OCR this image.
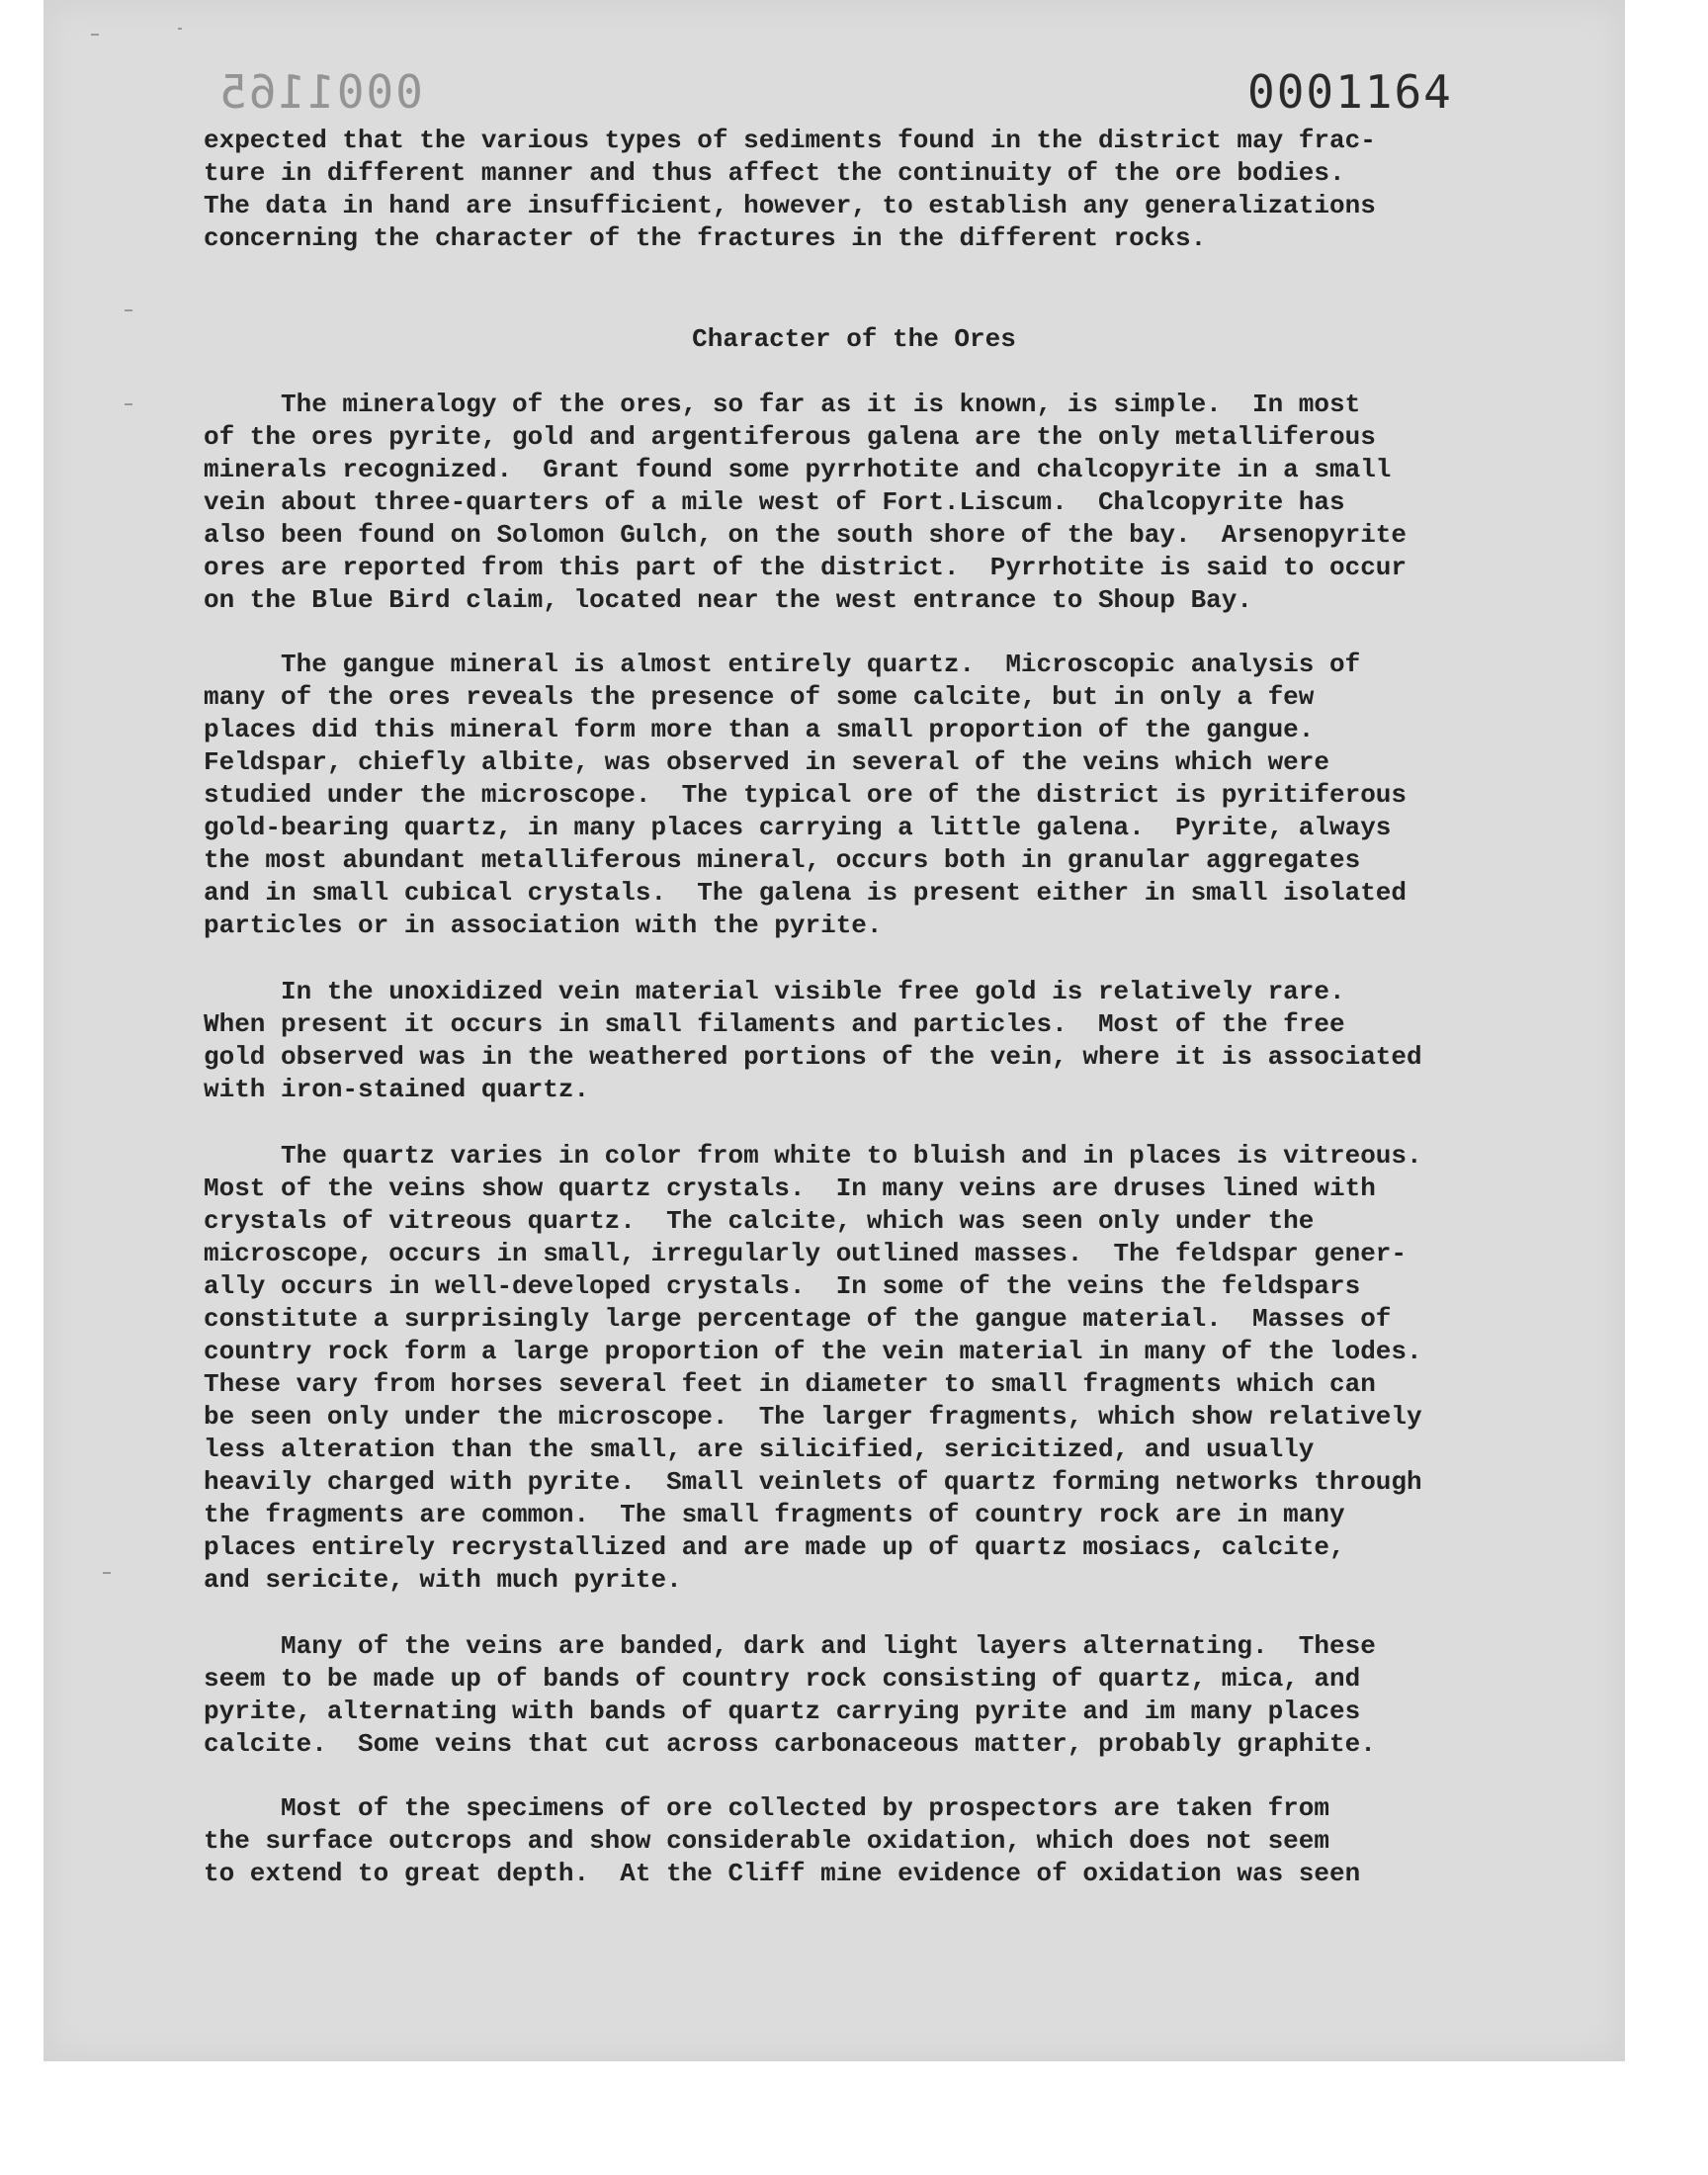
0001165	0001164
expected that the various types of sediments found in the district may frac-
ture in different manner and thus affect the continuity of the ore bodies.
The data in hand are insufficient, however, to establish any generalizations
concerning the character of the fractures in the different rocks.
Character of the Ores
The mineralogy of the ores, so far as it is known, is simple.  In most
of the ores pyrite, gold and argentiferous galena are the only metalliferous
minerals recognized.  Grant found some pyrrhotite and chalcopyrite in a small
vein about three-quarters of a mile west of Fort.Liscum.  Chalcopyrite has
also been found on Solomon Gulch, on the south shore of the bay.  Arsenopyrite
ores are reported from this part of the district.  Pyrrhotite is said to occur
on the Blue Bird claim, located near the west entrance to Shoup Bay.
The gangue mineral is almost entirely quartz.  Microscopic analysis of
many of the ores reveals the presence of some calcite, but in only a few
places did this mineral form more than a small proportion of the gangue.
Feldspar, chiefly albite, was observed in several of the veins which were
studied under the microscope.  The typical ore of the district is pyritiferous
gold-bearing quartz, in many places carrying a little galena.  Pyrite, always
the most abundant metalliferous mineral, occurs both in granular aggregates
and in small cubical crystals.  The galena is present either in small isolated
particles or in association with the pyrite.
In the unoxidized vein material visible free gold is relatively rare.
When present it occurs in small filaments and particles.  Most of the free
gold observed was in the weathered portions of the vein, where it is associated
with iron-stained quartz.
The quartz varies in color from white to bluish and in places is vitreous.
Most of the veins show quartz crystals.  In many veins are druses lined with
crystals of vitreous quartz.  The calcite, which was seen only under the
microscope, occurs in small, irregularly outlined masses.  The feldspar gener-
ally occurs in well-developed crystals.  In some of the veins the feldspars
constitute a surprisingly large percentage of the gangue material.  Masses of
country rock form a large proportion of the vein material in many of the lodes.
These vary from horses several feet in diameter to small fragments which can
be seen only under the microscope.  The larger fragments, which show relatively
less alteration than the small, are silicified, sericitized, and usually
heavily charged with pyrite.  Small veinlets of quartz forming networks through
the fragments are common.  The small fragments of country rock are in many
places entirely recrystallized and are made up of quartz mosiacs, calcite,
and sericite, with much pyrite.
Many of the veins are banded, dark and light layers alternating.  These
seem to be made up of bands of country rock consisting of quartz, mica, and
pyrite, alternating with bands of quartz carrying pyrite and im many places
calcite.  Some veins that cut across carbonaceous matter, probably graphite.
Most of the specimens of ore collected by prospectors are taken from
the surface outcrops and show considerable oxidation, which does not seem
to extend to great depth.  At the Cliff mine evidence of oxidation was seen
